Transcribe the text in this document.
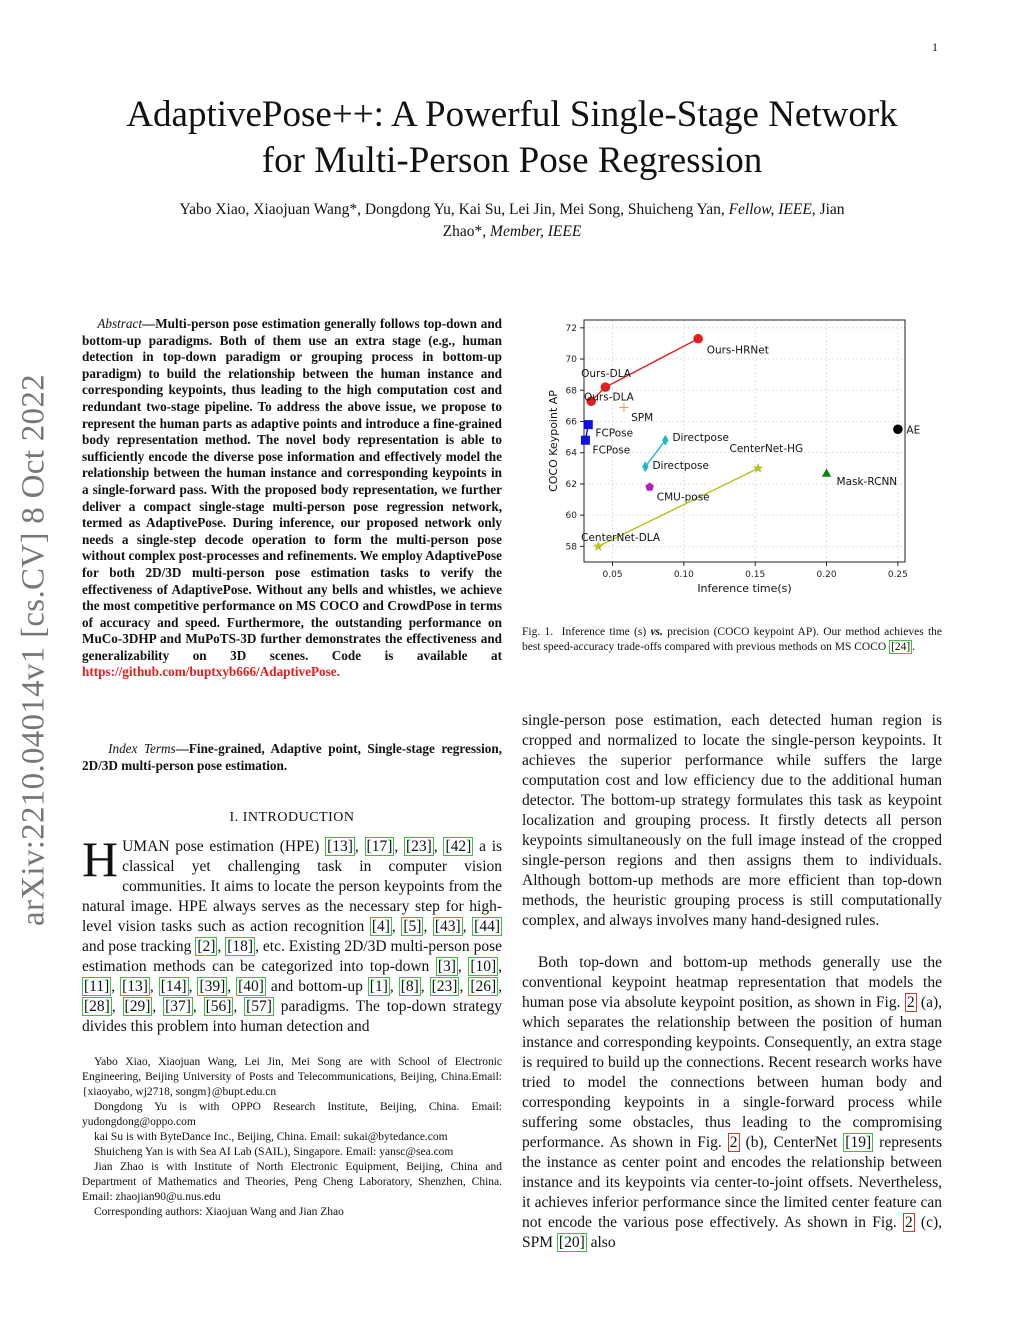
1
AdaptivePose++: A Powerful Single-Stage Network
for Multi-Person Pose Regression
Yabo Xiao, Xiaojuan Wang*, Dongdong Yu, Kai Su, Lei Jin, Mei Song, Shuicheng Yan, Fellow, IEEE, Jian
Zhao*, Member, IEEE
arXiv:2210.04014v1 [cs.CV] 8 Oct 2022
Abstract—Multi-person pose estimation generally follows top-down and bottom-up paradigms. Both of them use an extra stage (e.g., human detection in top-down paradigm or grouping process in bottom-up paradigm) to build the relationship between the human instance and corresponding keypoints, thus leading to the high computation cost and redundant two-stage pipeline. To address the above issue, we propose to represent the human parts as adaptive points and introduce a fine-grained body representation method. The novel body representation is able to sufficiently encode the diverse pose information and effectively model the relationship between the human instance and corresponding keypoints in a single-forward pass. With the proposed body representation, we further deliver a compact single-stage multi-person pose regression network, termed as AdaptivePose. During inference, our proposed network only needs a single-step decode operation to form the multi-person pose without complex post-processes and refinements. We employ AdaptivePose for both 2D/3D multi-person pose estimation tasks to verify the effectiveness of AdaptivePose. Without any bells and whistles, we achieve the most competitive performance on MS COCO and CrowdPose in terms of accuracy and speed. Furthermore, the outstanding performance on MuCo-3DHP and MuPoTS-3D further demonstrates the effectiveness and generalizability on 3D scenes. Code is available at https://github.com/buptxyb666/AdaptivePose.
Index Terms—Fine-grained, Adaptive point, Single-stage regression, 2D/3D multi-person pose estimation.
I. INTRODUCTION
HUMAN pose estimation (HPE) [13] , [17] , [23] , [42] a is classical yet challenging task in computer vision communities. It aims to locate the person keypoints from the natural image. HPE always serves as the necessary step for high-level vision tasks such as action recognition [4] , [5] , [43] , [44] and pose tracking [2] , [18] , etc. Existing 2D/3D multi-person pose estimation methods can be categorized into top-down [3] , [10] , [11] , [13] , [14] , [39] , [40] and bottom-up [1] , [8] , [23] , [26] , [28] , [29] , [37] , [56] , [57] paradigms. The top-down strategy divides this problem into human detection and

Yabo Xiao, Xiaojuan Wang, Lei Jin, Mei Song are with School of Electronic Engineering, Beijing University of Posts and Telecommunications, Beijing, China.Email: {xiaoyabo, wj2718, songm}@bupt.edu.cn

Dongdong Yu is with OPPO Research Institute, Beijing, China. Email: yudongdong@oppo.com

kai Su is with ByteDance Inc., Beijing, China. Email: sukai@bytedance.com

Shuicheng Yan is with Sea AI Lab (SAIL), Singapore. Email: yansc@sea.com

Jian Zhao is with Institute of North Electronic Equipment, Beijing, China and Department of Mathematics and Theories, Peng Cheng Laboratory, Shenzhen, China. Email: zhaojian90@u.nus.edu

Corresponding authors: Xiaojuan Wang and Jian Zhao

0.05	0.10	0.15	0.20	0.25
58
60
62
64
66
68
70
72
Inference time(s)
COCO Keypoint AP
Ours-HRNet
Ours-DLA
Ours-DLA
SPM
FCPose
FCPose
Directpose
Directpose
CenterNet-HG
Mask-RCNN
CMU-pose
AE
CenterNet-DLA
Fig. 1. Inference time (s) vs. precision (COCO keypoint AP). Our method achieves the best speed-accuracy trade-offs compared with previous methods on MS COCO [24] .
single-person pose estimation, each detected human region is cropped and normalized to locate the single-person keypoints. It achieves the superior performance while suffers the large computation cost and low efficiency due to the additional human detector. The bottom-up strategy formulates this task as keypoint localization and grouping process. It firstly detects all person keypoints simultaneously on the full image instead of the cropped single-person regions and then assigns them to individuals. Although bottom-up methods are more efficient than top-down methods, the heuristic grouping process is still computationally complex, and always involves many hand-designed rules.
Both top-down and bottom-up methods generally use the conventional keypoint heatmap representation that models the human pose via absolute keypoint position, as shown in Fig. 2 (a), which separates the relationship between the position of human instance and corresponding keypoints. Consequently, an extra stage is required to build up the connections. Recent research works have tried to model the connections between human body and corresponding keypoints in a single-forward process while suffering some obstacles, thus leading to the compromising performance. As shown in Fig. 2 (b), CenterNet [19] represents the instance as center point and encodes the relationship between instance and its keypoints via center-to-joint offsets. Nevertheless, it achieves inferior performance since the limited center feature can not encode the various pose effectively. As shown in Fig. 2 (c), SPM [20] also
